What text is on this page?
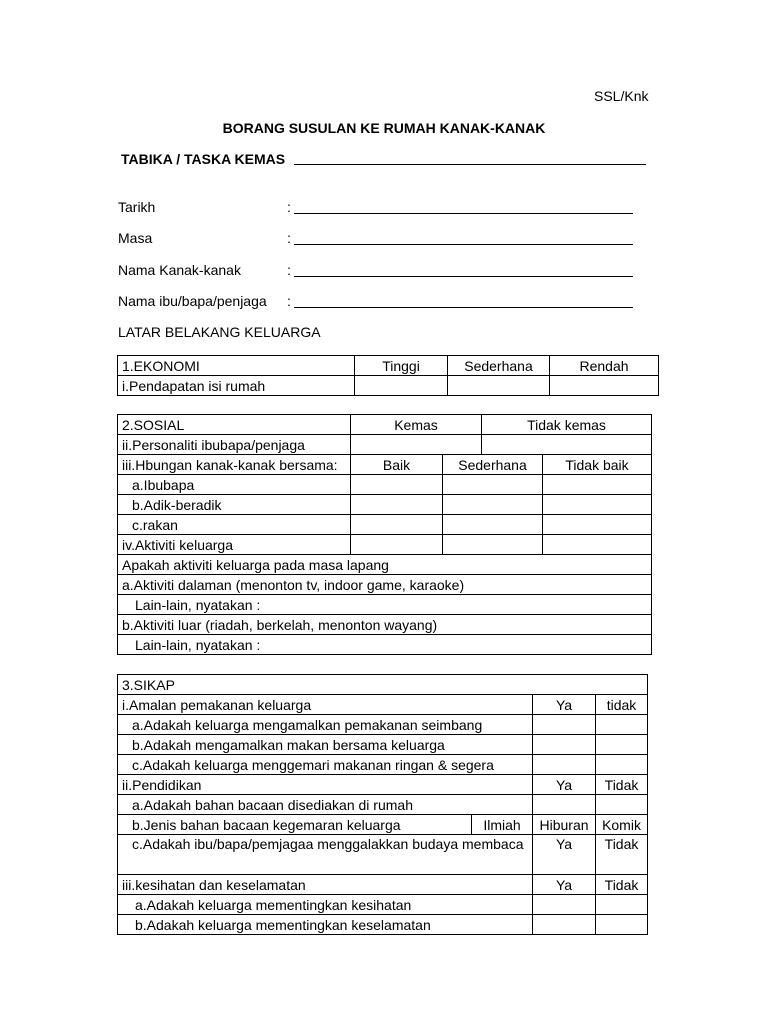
SSL/Knk
BORANG SUSULAN KE RUMAH KANAK-KANAK
TABIKA / TASKA KEMAS
Tarikh	:
Masa	:
Nama Kanak-kanak	:
Nama ibu/bapa/penjaga :
LATAR BELAKANG KELUARGA
1.EKONOMI	Tinggi	Sederhana	Rendah
i.Pendapatan isi rumah			
2.SOSIAL	Kemas		Tidak kemas	
ii.Personaliti ibubapa/penjaga				
iii.Hbungan kanak-kanak bersama:	Baik	Sederhana		Tidak baik
a.Ibubapa				
b.Adik-beradik				
c.rakan				
iv.Aktiviti keluarga				
Apakah aktiviti keluarga pada masa lapang				
a.Aktiviti dalaman (menonton tv, indoor game, karaoke)				
Lain-lain, nyatakan :				
b.Aktiviti luar (riadah, berkelah, menonton wayang)				
Lain-lain, nyatakan :				
3.SIKAP			
i.Amalan pemakanan keluarga		Ya	tidak
a.Adakah keluarga mengamalkan pemakanan seimbang			
b.Adakah mengamalkan makan bersama keluarga			
c.Adakah keluarga menggemari makanan ringan & segera			
ii.Pendidikan		Ya	Tidak
a.Adakah bahan bacaan disediakan di rumah			
b.Jenis bahan bacaan kegemaran keluarga	Ilmiah	Hiburan	Komik
c.Adakah ibu/bapa/pemjagaa menggalakkan budaya membaca		Ya	Tidak
iii.kesihatan dan keselamatan		Ya	Tidak
a.Adakah keluarga mementingkan kesihatan			
b.Adakah keluarga mementingkan keselamatan			
